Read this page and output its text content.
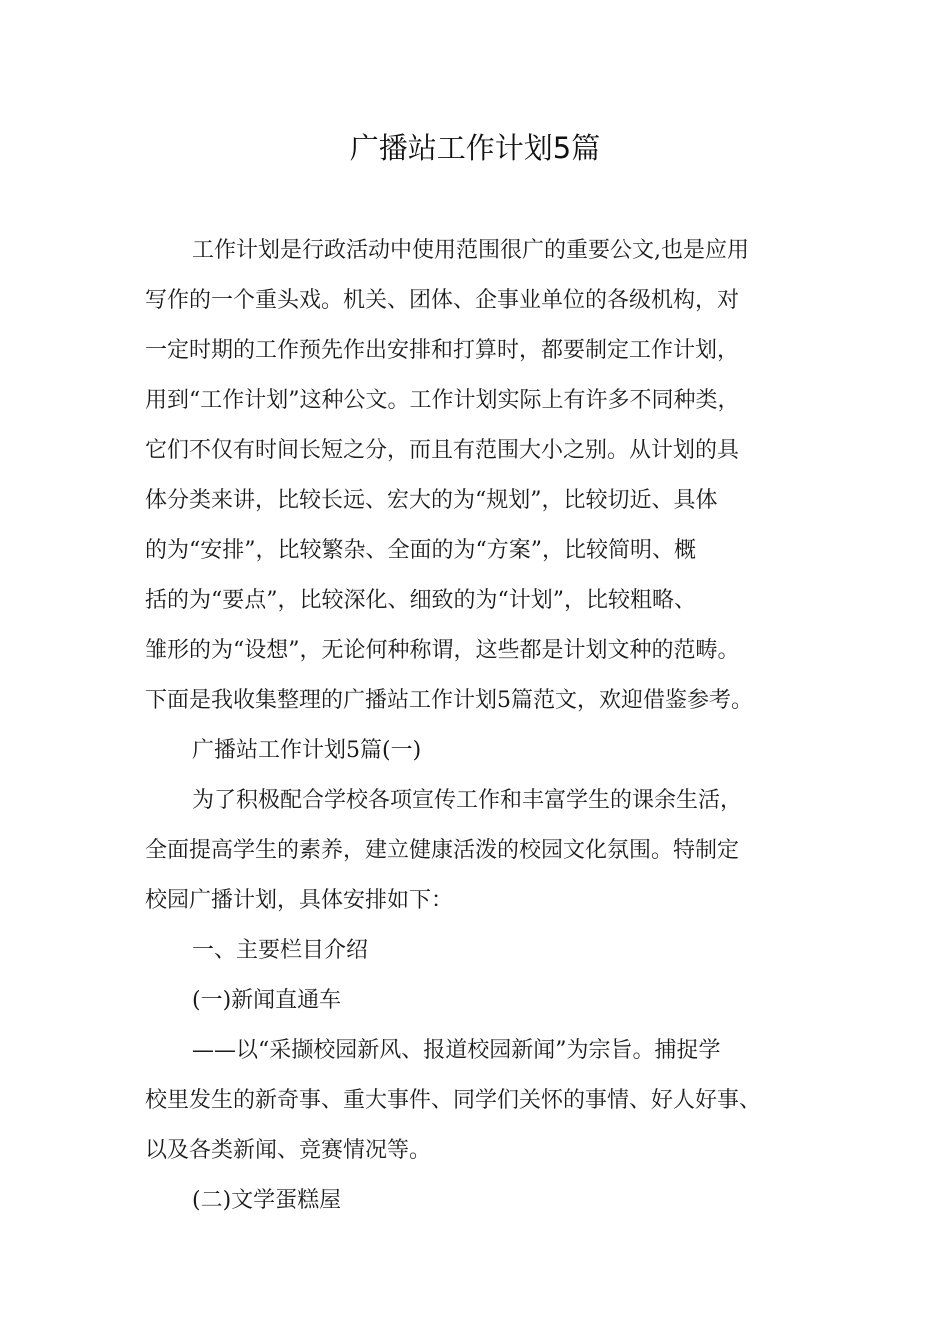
广播站工作计划5篇
工作计划是行政活动中使用范围很广的重要公文,也是应用
写作的一个重头戏。机关、团体、企事业单位的各级机构，对
一定时期的工作预先作出安排和打算时，都要制定工作计划，
用到“工作计划”这种公文。工作计划实际上有许多不同种类，
它们不仅有时间长短之分，而且有范围大小之别。从计划的具
体分类来讲，比较长远、宏大的为“规划”，比较切近、具体
的为“安排”，比较繁杂、全面的为“方案”，比较简明、概
括的为“要点”，比较深化、细致的为“计划”，比较粗略、
雏形的为“设想”，无论何种称谓，这些都是计划文种的范畴。
下面是我收集整理的广播站工作计划5篇范文，欢迎借鉴参考。
广播站工作计划5篇(一)
为了积极配合学校各项宣传工作和丰富学生的课余生活，
全面提高学生的素养，建立健康活泼的校园文化氛围。特制定
校园广播计划，具体安排如下：
一、主要栏目介绍
(一)新闻直通车
——以“采撷校园新风、报道校园新闻”为宗旨。捕捉学
校里发生的新奇事、重大事件、同学们关怀的事情、好人好事、
以及各类新闻、竞赛情况等。
(二)文学蛋糕屋
